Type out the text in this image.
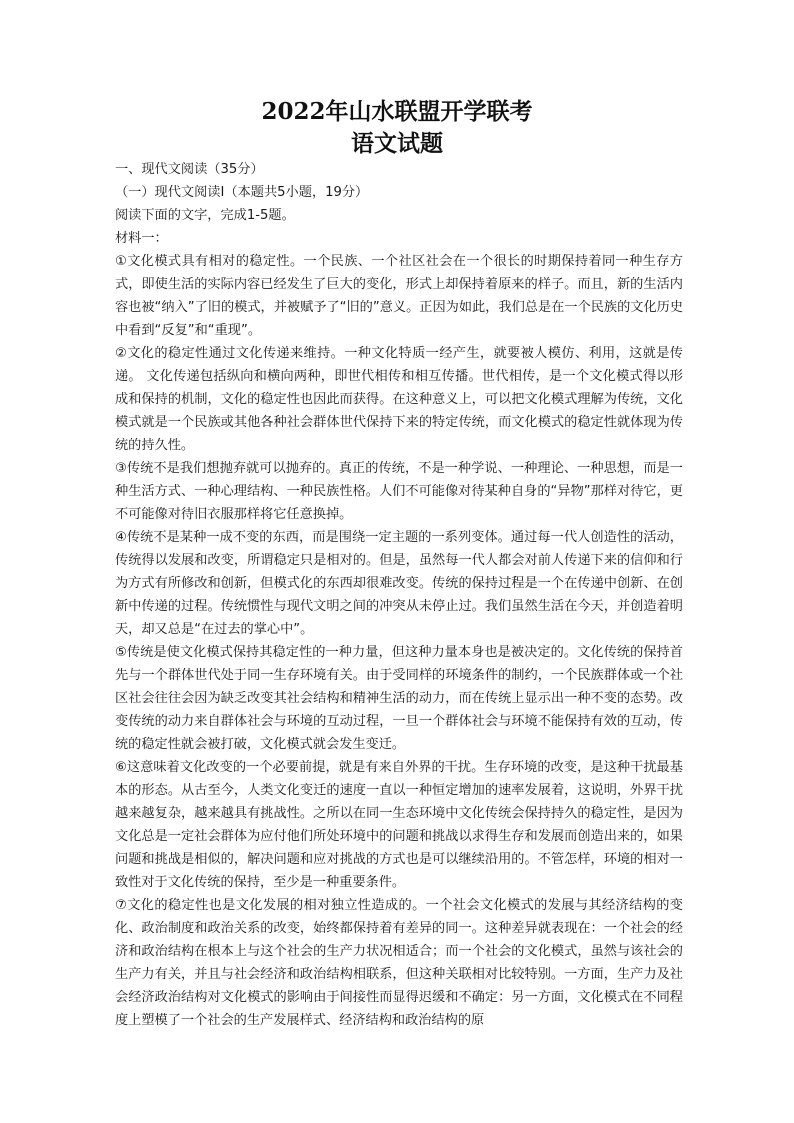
2022年山水联盟开学联考
语文试题
一、现代文阅读（35分）
（一）现代文阅读Ⅰ（本题共5小题，19分）
阅读下面的文字，完成1-5题。
材料一：
①文化模式具有相对的稳定性。一个民族、一个社区社会在一个很长的时期保持着同一种生存方式，即使生活的实际内容已经发生了巨大的变化，形式上却保持着原来的样子。而且，新的生活内容也被“纳入”了旧的模式，并被赋予了“旧的”意义。正因为如此，我们总是在一个民族的文化历史中看到“反复”和“重现”。
②文化的稳定性通过文化传递来维持。一种文化特质一经产生，就要被人模仿、利用，这就是传递。 文化传递包括纵向和横向两种，即世代相传和相互传播。世代相传，是一个文化模式得以形成和保持的机制，文化的稳定性也因此而获得。在这种意义上，可以把文化模式理解为传统，文化模式就是一个民族或其他各种社会群体世代保持下来的特定传统，而文化模式的稳定性就体现为传统的持久性。
③传统不是我们想抛弃就可以抛弃的。真正的传统，不是一种学说、一种理论、一种思想，而是一种生活方式、一种心理结构、一种民族性格。人们不可能像对待某种自身的“异物”那样对待它，更不可能像对待旧衣服那样将它任意换掉。
④传统不是某种一成不变的东西，而是围绕一定主题的一系列变体。通过每一代人创造性的活动，传统得以发展和改变，所谓稳定只是相对的。但是，虽然每一代人都会对前人传递下来的信仰和行为方式有所修改和创新，但模式化的东西却很难改变。传统的保持过程是一个在传递中创新、在创新中传递的过程。传统惯性与现代文明之间的冲突从未停止过。我们虽然生活在今天，并创造着明天，却又总是“在过去的掌心中”。
⑤传统是使文化模式保持其稳定性的一种力量，但这种力量本身也是被决定的。文化传统的保持首先与一个群体世代处于同一生存环境有关。由于受同样的环境条件的制约，一个民族群体或一个社区社会往往会因为缺乏改变其社会结构和精神生活的动力，而在传统上显示出一种不变的态势。改变传统的动力来自群体社会与环境的互动过程，一旦一个群体社会与环境不能保持有效的互动，传统的稳定性就会被打破，文化模式就会发生变迁。
⑥这意味着文化改变的一个必要前提，就是有来自外界的干扰。生存环境的改变，是这种干扰最基本的形态。从古至今，人类文化变迁的速度一直以一种恒定增加的速率发展着，这说明，外界干扰越来越复杂，越来越具有挑战性。之所以在同一生态环境中文化传统会保持持久的稳定性，是因为文化总是一定社会群体为应付他们所处环境中的问题和挑战以求得生存和发展而创造出来的，如果问题和挑战是相似的，解决问题和应对挑战的方式也是可以继续沿用的。不管怎样，环境的相对一致性对于文化传统的保持，至少是一种重要条件。
⑦文化的稳定性也是文化发展的相对独立性造成的。一个社会文化模式的发展与其经济结构的变化、政治制度和政治关系的改变，始终都保持着有差异的同一。这种差异就表现在：一个社会的经济和政治结构在根本上与这个社会的生产力状况相适合；而一个社会的文化模式，虽然与该社会的生产力有关，并且与社会经济和政治结构相联系，但这种关联相对比较特别。一方面，生产力及社会经济政治结构对文化模式的影响由于间接性而显得迟缓和不确定：另一方面，文化模式在不同程度上塑模了一个社会的生产发展样式、经济结构和政治结构的原
